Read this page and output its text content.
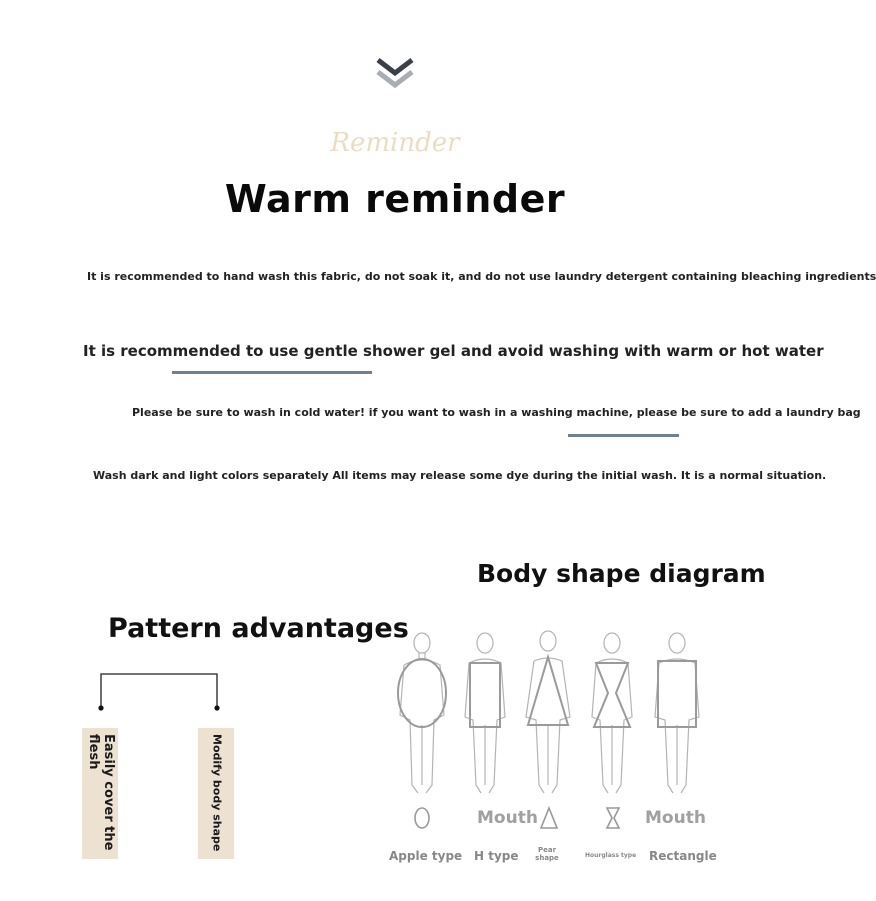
Reminder
Warm reminder
It is recommended to hand wash this fabric, do not soak it, and do not use laundry detergent containing bleaching ingredients
It is recommended to use gentle shower gel and avoid washing with warm or hot water
Please be sure to wash in cold water! if you want to wash in a washing machine, please be sure to add a laundry bag
Wash dark and light colors separately All items may release some dye during the initial wash. It is a normal situation.
Body shape diagram
Pattern advantages
Easily cover the flesh	Modify body shape	Mouth	Mouth
Apple type H type	Pear shape	Hourglass type Rectangle
